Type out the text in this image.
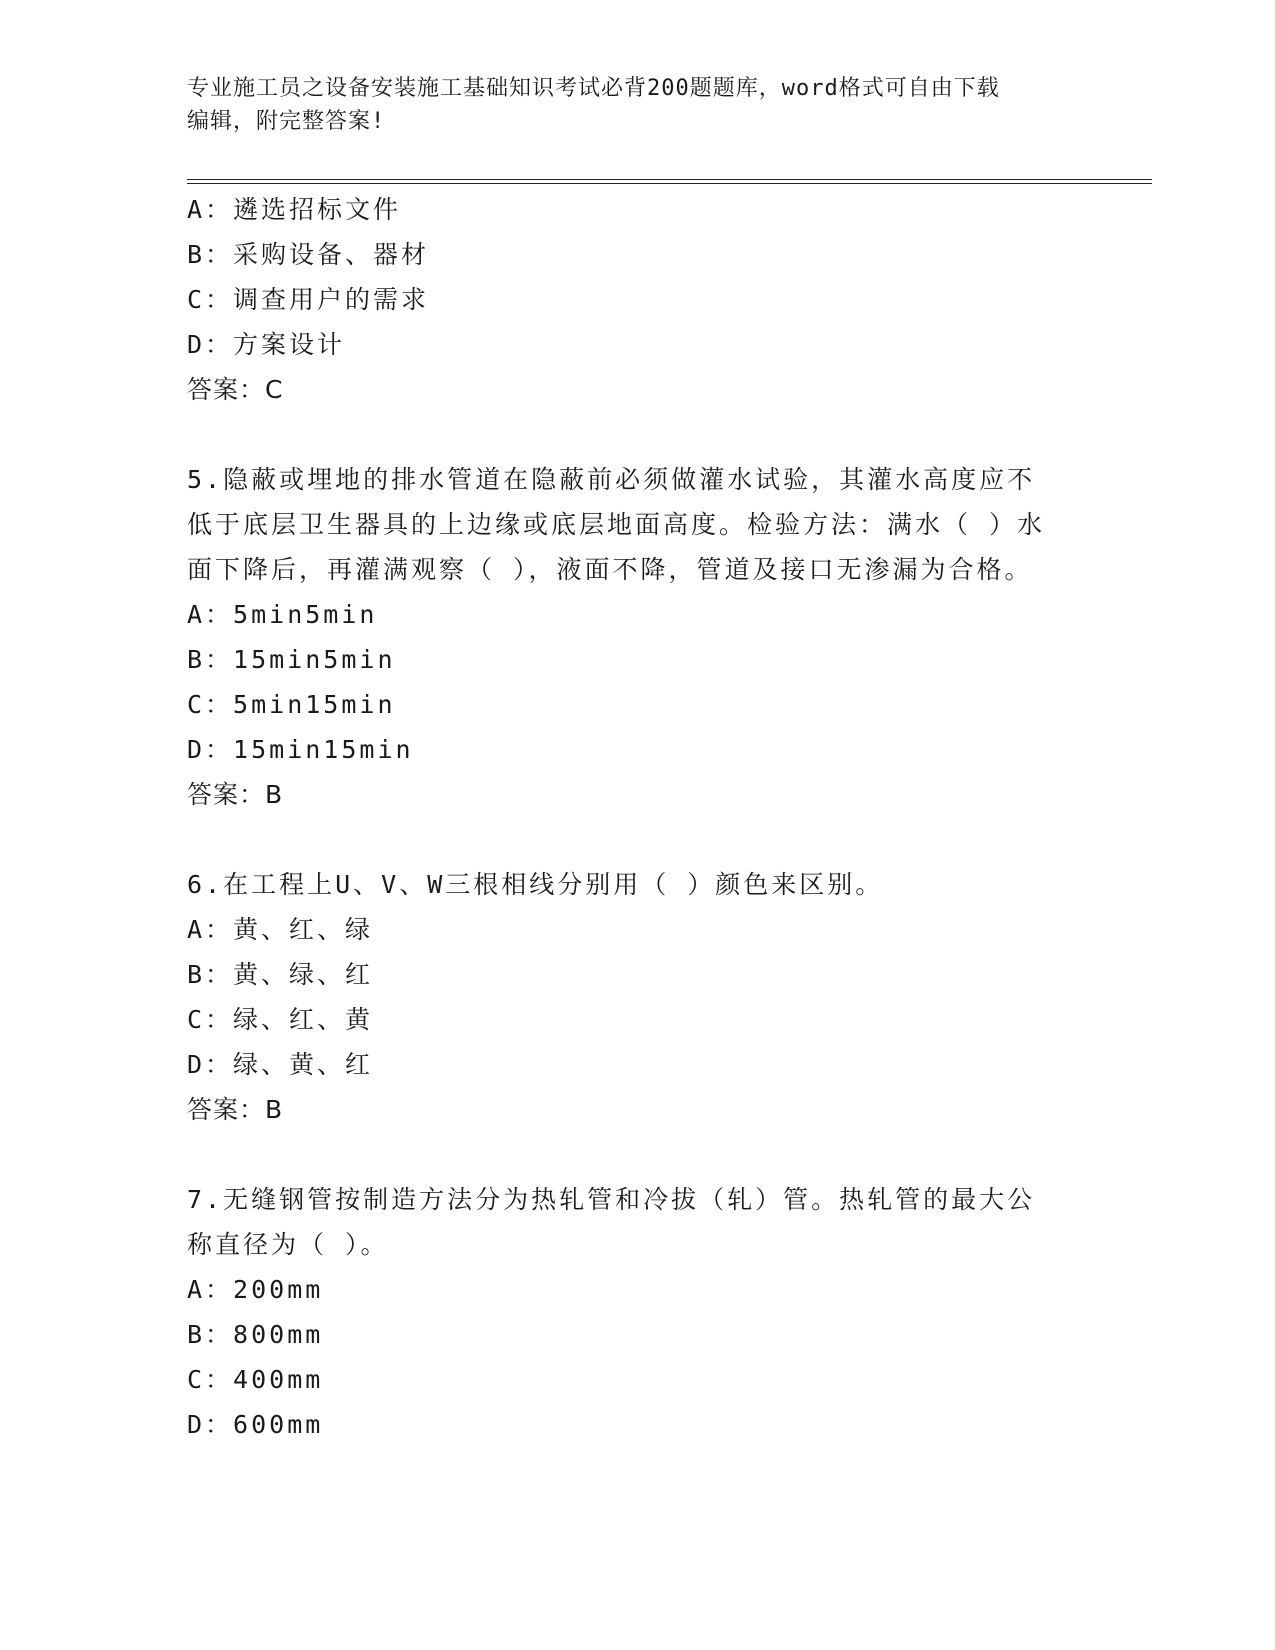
专业施工员之设备安装施工基础知识考试必背200题题库，word格式可自由下载
编辑，附完整答案!
A：遴选招标文件
B：采购设备、器材
C：调查用户的需求
D：方案设计
答案：C
5.隐蔽或埋地的排水管道在隐蔽前必须做灌水试验，其灌水高度应不
低于底层卫生器具的上边缘或底层地面高度。检验方法：满水（ ）水
面下降后，再灌满观察（ ），液面不降，管道及接口无渗漏为合格。
A：5min5min
B：15min5min
C：5min15min
D：15min15min
答案：B
6.在工程上U、V、W三根相线分别用（ ）颜色来区别。
A：黄、红、绿
B：黄、绿、红
C：绿、红、黄
D：绿、黄、红
答案：B
7.无缝钢管按制造方法分为热轧管和冷拔（轧）管。热轧管的最大公
称直径为（ ）。
A：200mm
B：800mm
C：400mm
D：600mm
